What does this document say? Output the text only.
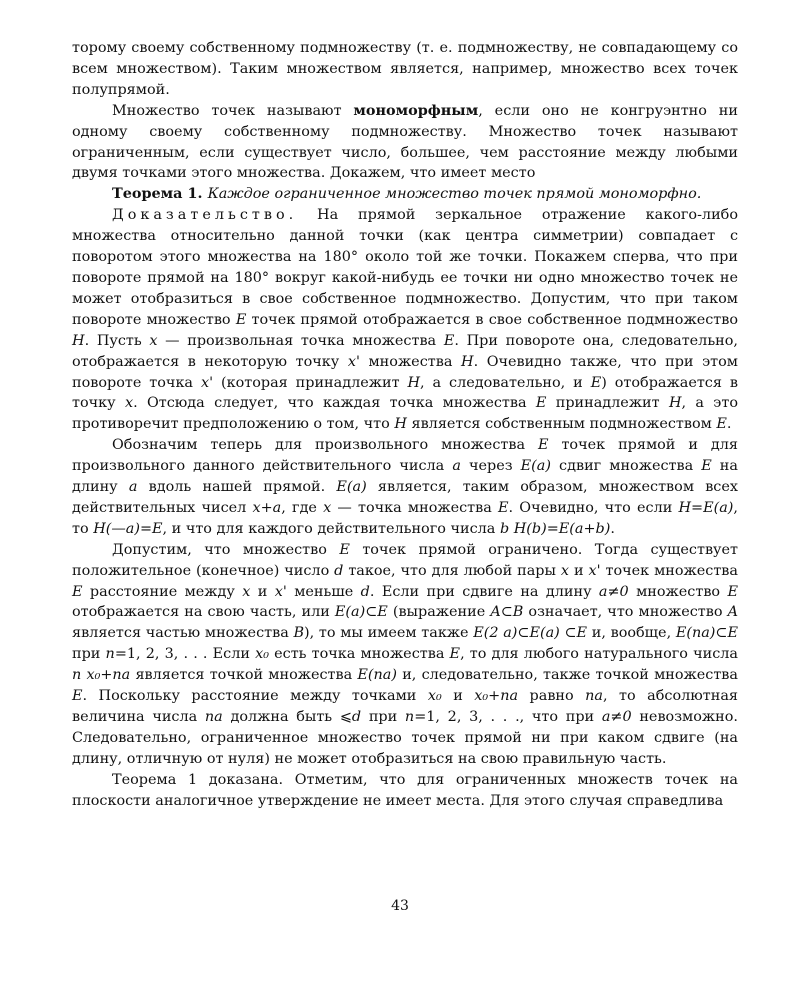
торому своему собственному подмножеству (т. е. подмножеству, не совпадающему со всем множеством). Таким множеством является, например, множество всех точек полупрямой.

Множество точек называют мономорфным, если оно не конгруэнтно ни одному своему собственному подмножеству. Множество точек называют ограниченным, если существует число, большее, чем расстояние между любыми двумя точками этого множества. Докажем, что имеет место

Теорема 1. Каждое ограниченное множество точек прямой мономорфно.

Доказательство. На прямой зеркальное отражение какого-либо множества относительно данной точки (как центра симметрии) совпадает с поворотом этого множества на 180° около той же точки. Покажем сперва, что при повороте прямой на 180° вокруг какой-нибудь ее точки ни одно множество точек не может отобразиться в свое собственное подмножество. Допустим, что при таком повороте множество E точек прямой отображается в свое собственное подмножество H. Пусть x — произвольная точка множества E. При повороте она, следовательно, отображается в некоторую точку x' множества H. Очевидно также, что при этом повороте точка x' (которая принадлежит H, а следовательно, и E) отображается в точку x. Отсюда следует, что каждая точка множества E принадлежит H, а это противоречит предположению о том, что H является собственным подмножеством E.

Обозначим теперь для произвольного множества E точек прямой и для произвольного данного действительного числа a через E(a) сдвиг множества E на длину a вдоль нашей прямой. E(a) является, таким образом, множеством всех действительных чисел x+a, где x — точка множества E. Очевидно, что если H=E(a), то H(—a)=E, и что для каждого действительного числа b H(b)=E(a+b).

Допустим, что множество E точек прямой ограничено. Тогда существует положительное (конечное) число d такое, что для любой пары x и x' точек множества E расстояние между x и x' меньше d. Если при сдвиге на длину a≠0 множество E отображается на свою часть, или E(a)⊂E (выражение A⊂B означает, что множество A является частью множества B), то мы имеем также E(2 a)⊂E(a) ⊂E и, вообще, E(na)⊂E при n=1, 2, 3, . . . Если x₀ есть точка множества E, то для любого натурального числа n x₀+na является точкой множества E(na) и, следовательно, также точкой множества E. Поскольку расстояние между точками x₀ и x₀+na равно na, то абсолютная величина числа na должна быть ⩽d при n=1, 2, 3, . . ., что при a≠0 невозможно. Следовательно, ограниченное множество точек прямой ни при каком сдвиге (на длину, отличную от нуля) не может отобразиться на свою правильную часть.

Теорема 1 доказана. Отметим, что для ограниченных множеств точек на плоскости аналогичное утверждение не имеет места. Для этого случая справедлива

43
